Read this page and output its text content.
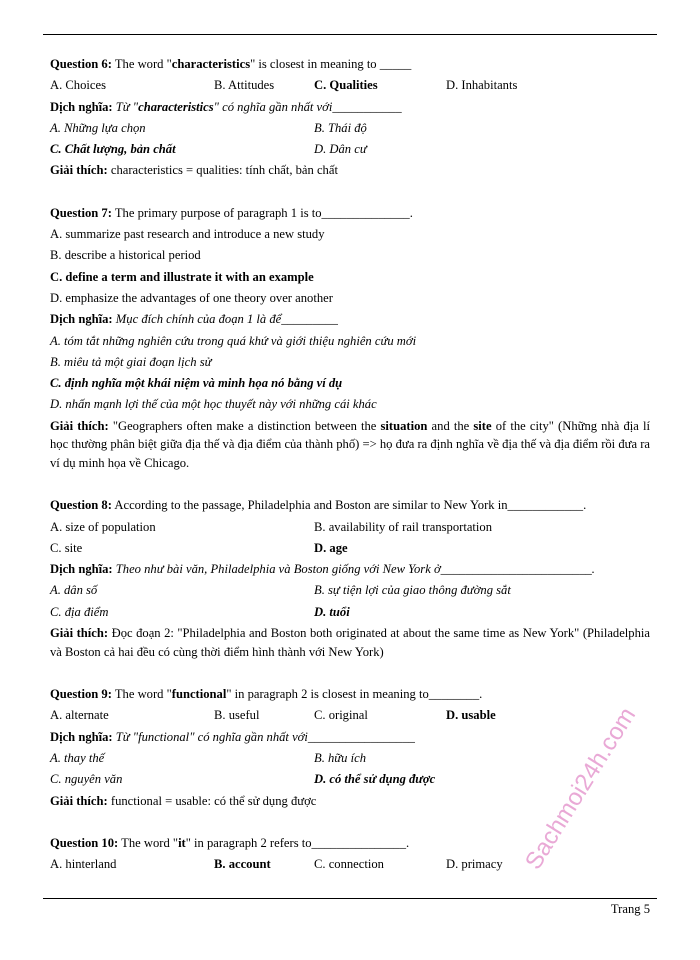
Question 6: The word "characteristics" is closest in meaning to _____
A. Choices	B. Attitudes	C. Qualities	D. Inhabitants
Dịch nghĩa: Từ "characteristics" có nghĩa gần nhất với___________
A. Những lựa chọn	B. Thái độ
C. Chất lượng, bản chất	D. Dân cư
Giải thích: characteristics = qualities: tính chất, bản chất
Question 7: The primary purpose of paragraph 1 is to______________.
A. summarize past research and introduce a new study
B. describe a historical period
C. define a term and illustrate it with an example
D. emphasize the advantages of one theory over another
Dịch nghĩa: Mục đích chính của đoạn 1 là để_________
A. tóm tắt những nghiên cứu trong quá khứ và giới thiệu nghiên cứu mới
B. miêu tả một giai đoạn lịch sử
C. định nghĩa một khái niệm và minh họa nó bằng ví dụ
D. nhấn mạnh lợi thế của một học thuyết này với những cái khác
Giải thích: "Geographers often make a distinction between the situation and the site of the city" (Những nhà địa lí học thường phân biệt giữa địa thế và địa điểm của thành phố) => họ đưa ra định nghĩa về địa thế và địa điểm rồi đưa ra ví dụ minh họa về Chicago.
Question 8: According to the passage, Philadelphia and Boston are similar to New York in____________.
A. size of population	B. availability of rail transportation
C. site	D. age
Dịch nghĩa: Theo như bài văn, Philadelphia và Boston giống với New York ở________________________.
A. dân số	B. sự tiện lợi của giao thông đường sắt
C. địa điểm	D. tuổi
Giải thích: Đọc đoạn 2: "Philadelphia and Boston both originated at about the same time as New York" (Philadelphia và Boston cả hai đều có cùng thời điểm hình thành với New York)
Question 9: The word "functional" in paragraph 2 is closest in meaning to________.
A. alternate	B. useful	C. original	D. usable
Dịch nghĩa: Từ "functional" có nghĩa gần nhất với_________________
A. thay thế	B. hữu ích
C. nguyên văn	D. có thể sử dụng được
Giải thích: functional = usable: có thể sử dụng được
Question 10: The word "it" in paragraph 2 refers to_______________.
A. hinterland	B. account	C. connection	D. primacy Sachmoi24h.com
Trang 5
